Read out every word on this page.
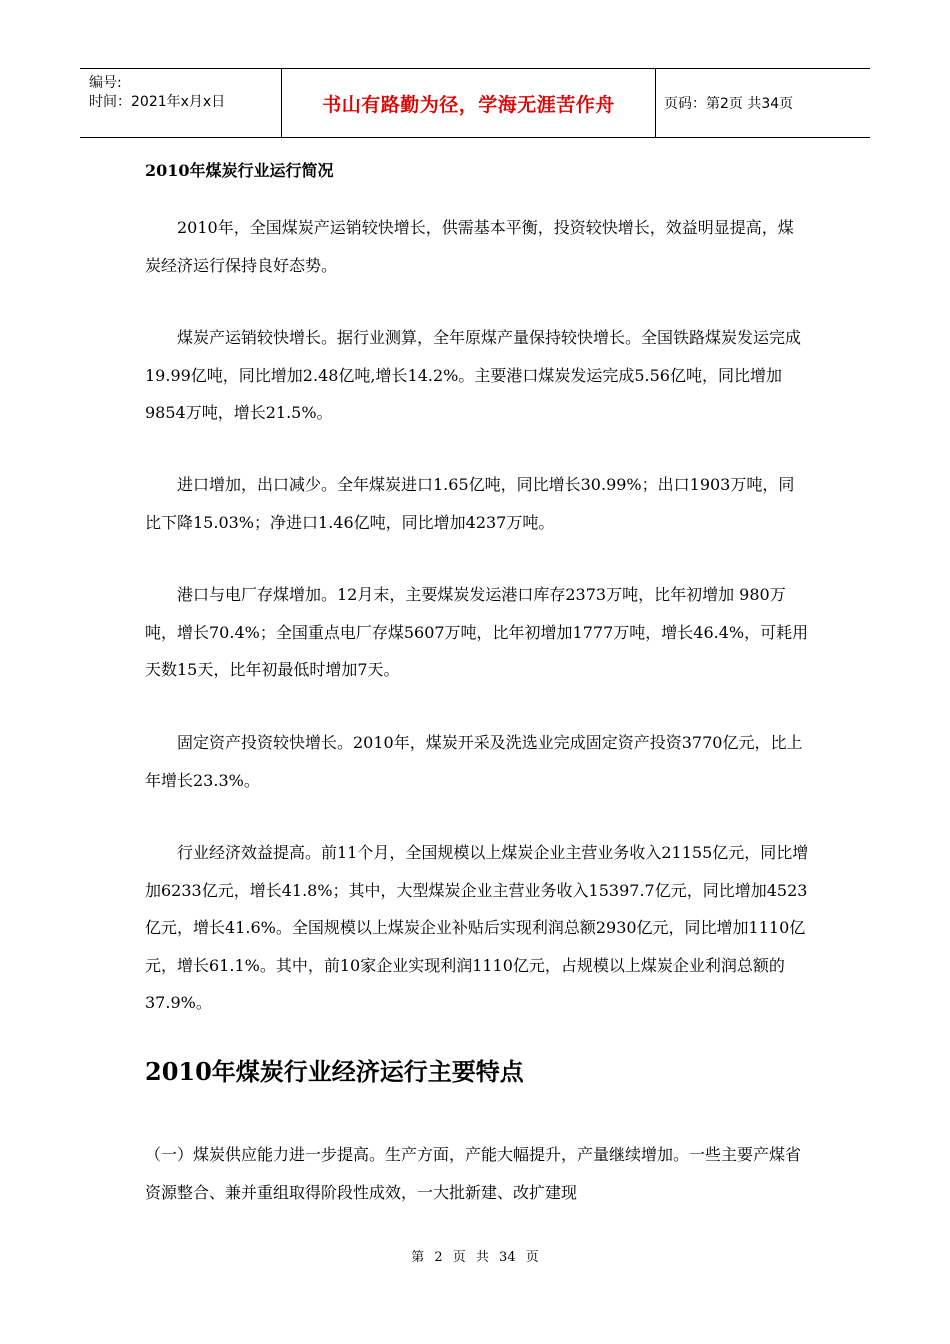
编号:
时间：2021年x月x日	书山有路勤为径，学海无涯苦作舟	页码：第2页 共34页
2010年煤炭行业运行简况

2010年，全国煤炭产运销较快增长，供需基本平衡，投资较快增长，效益明显提高，煤炭经济运行保持良好态势。

煤炭产运销较快增长。据行业测算，全年原煤产量保持较快增长。全国铁路煤炭发运完成19.99亿吨，同比增加2.48亿吨,增长14.2%。主要港口煤炭发运完成5.56亿吨，同比增加9854万吨，增长21.5%。

进口增加，出口减少。全年煤炭进口1.65亿吨，同比增长30.99%；出口1903万吨，同比下降15.03%；净进口1.46亿吨，同比增加4237万吨。

港口与电厂存煤增加。12月末，主要煤炭发运港口库存2373万吨，比年初增加 980万吨，增长70.4%；全国重点电厂存煤5607万吨，比年初增加1777万吨，增长46.4%，可耗用天数15天，比年初最低时增加7天。

固定资产投资较快增长。2010年，煤炭开采及洗选业完成固定资产投资3770亿元，比上年增长23.3%。

行业经济效益提高。前11个月，全国规模以上煤炭企业主营业务收入21155亿元，同比增加6233亿元，增长41.8%；其中，大型煤炭企业主营业务收入15397.7亿元，同比增加4523亿元，增长41.6%。全国规模以上煤炭企业补贴后实现利润总额2930亿元，同比增加1110亿元，增长61.1%。其中，前10家企业实现利润1110亿元，占规模以上煤炭企业利润总额的37.9%。

2010年煤炭行业经济运行主要特点

（一）煤炭供应能力进一步提高。生产方面，产能大幅提升，产量继续增加。一些主要产煤省资源整合、兼并重组取得阶段性成效，一大批新建、改扩建现

第 2 页 共 34 页
